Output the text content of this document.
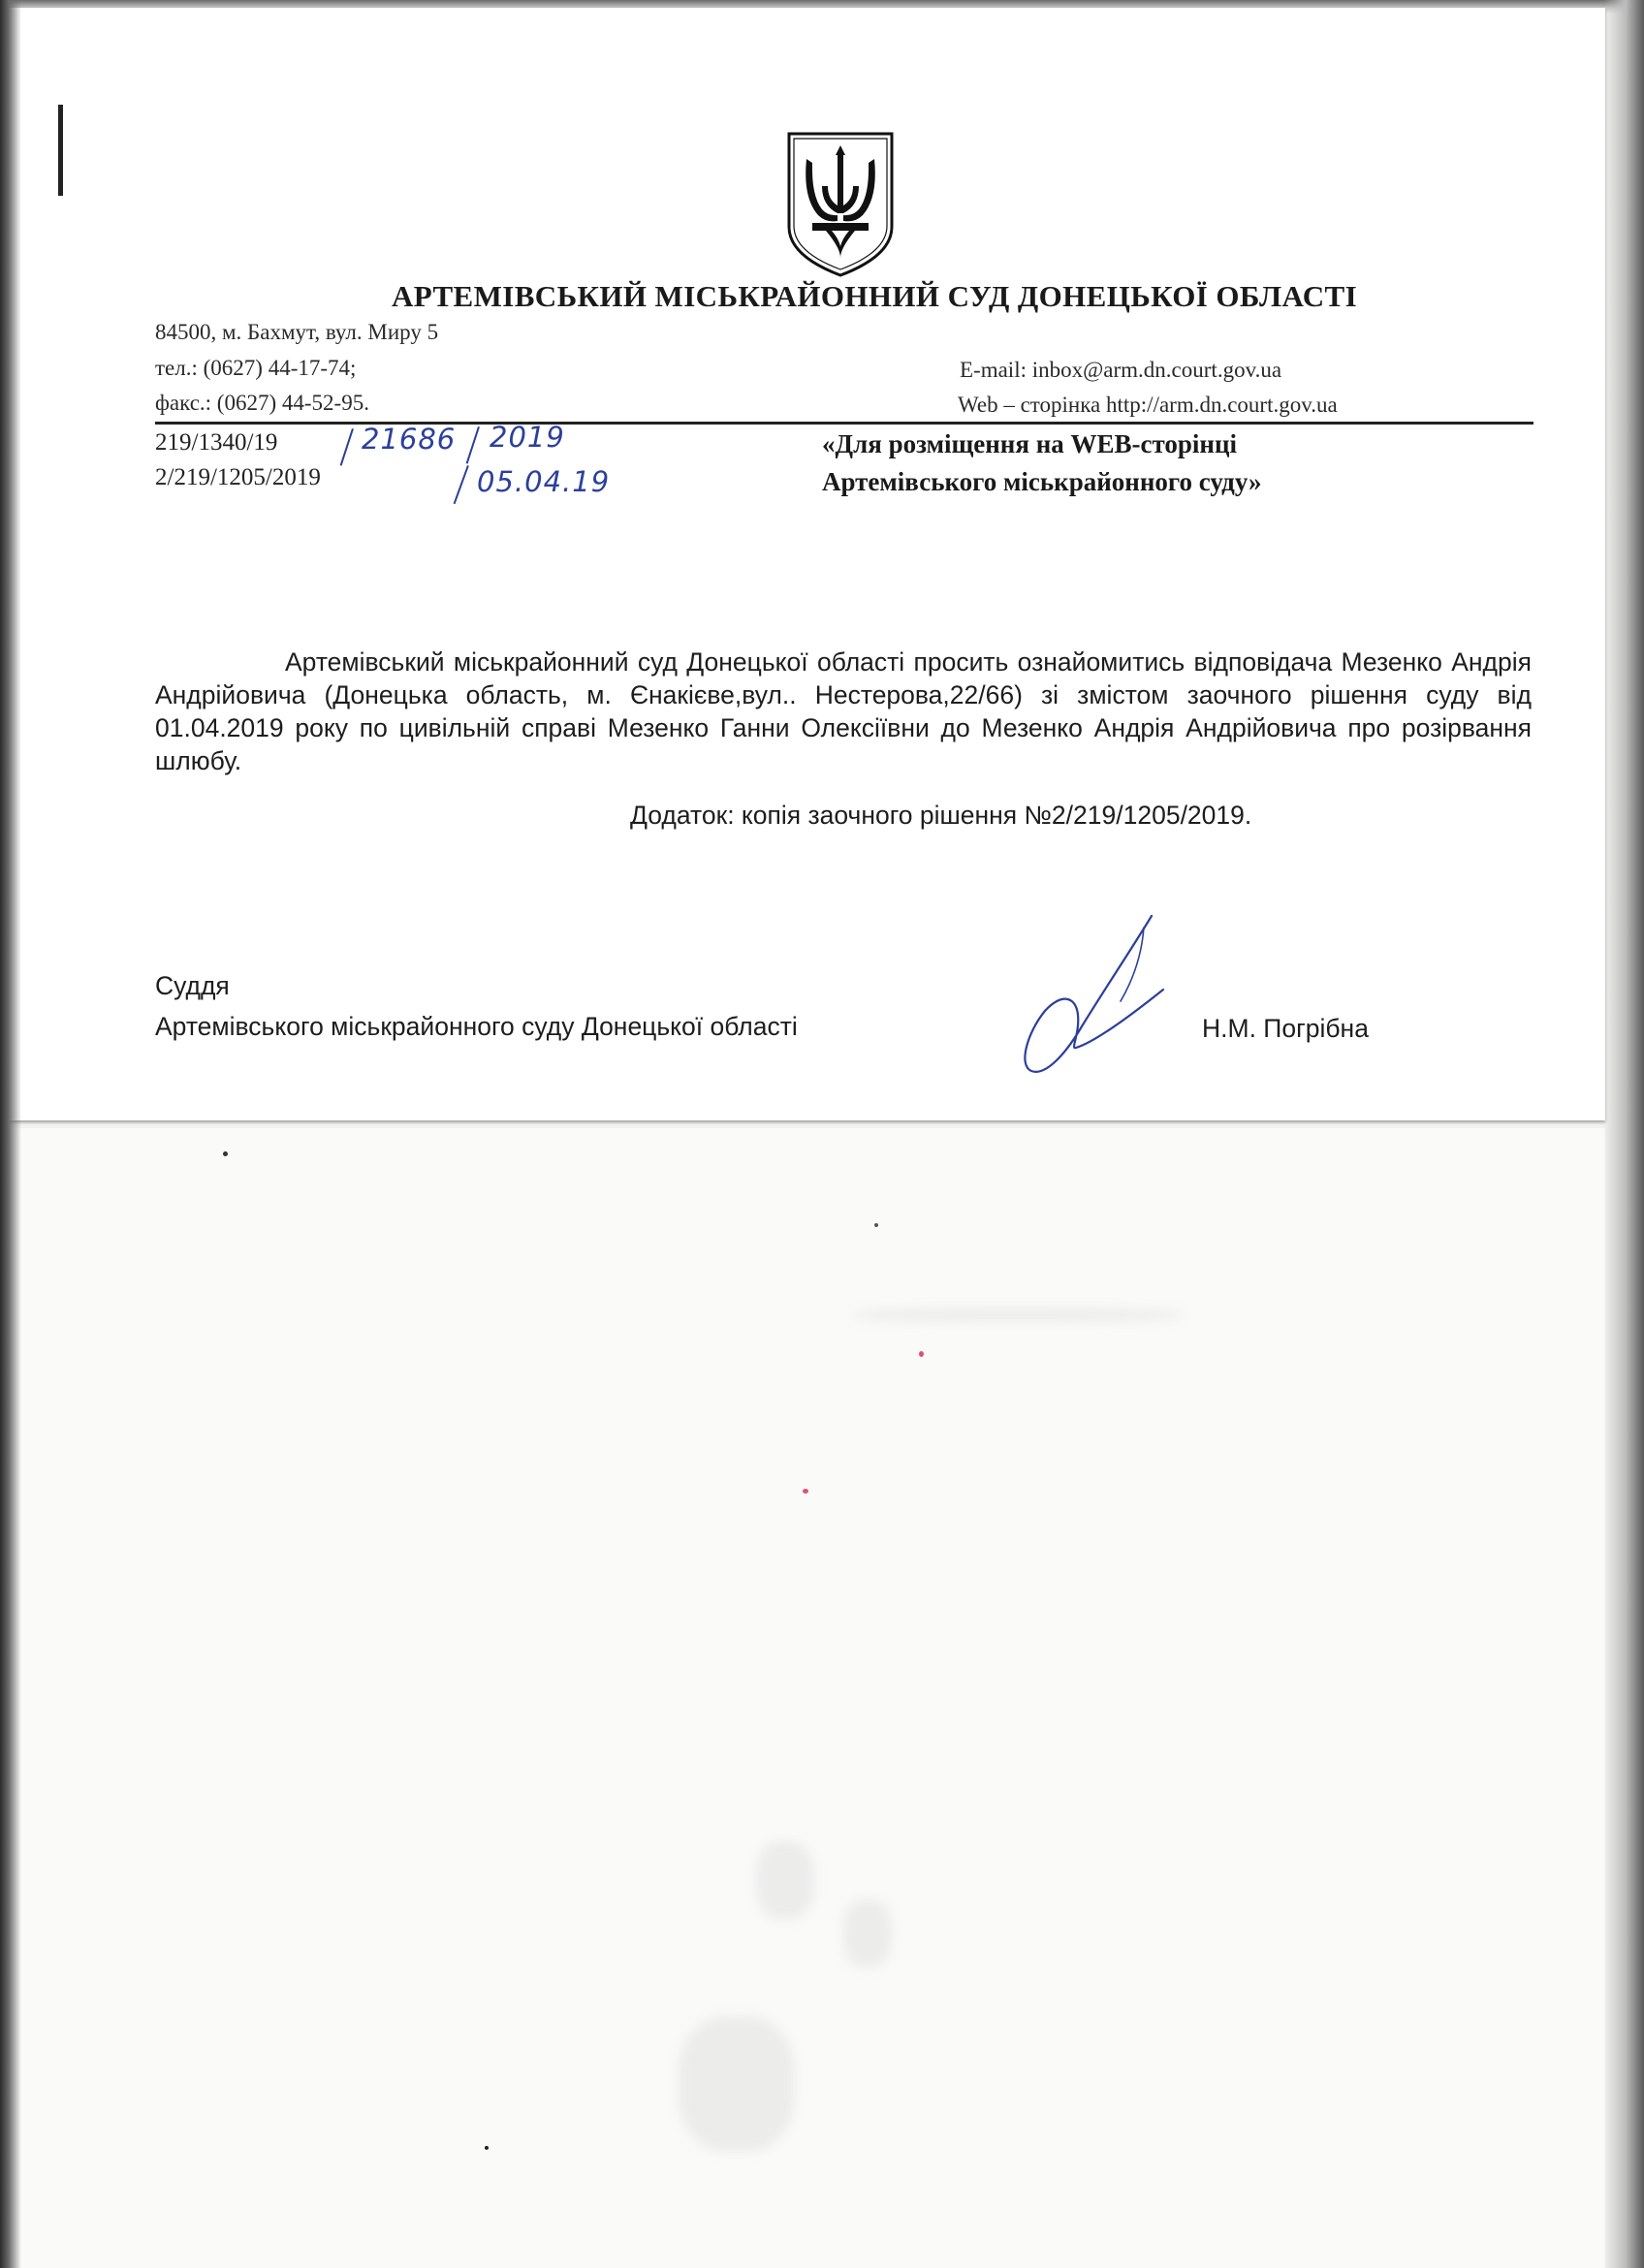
АРТЕМІВСЬКИЙ МІСЬКРАЙОННИЙ СУД ДОНЕЦЬКОЇ ОБЛАСТІ
84500, м. Бахмут, вул. Миру 5
тел.: (0627) 44-17-74;
факс.: (0627) 44-52-95.
E-mail: inbox@arm.dn.court.gov.ua
Web – сторінка http://arm.dn.court.gov.ua
219/1340/19
2/219/1205/2019
21686 2019
05.04.19
«Для розміщення на WEB-сторінці
Артемівського міськрайонного суду»
Артемівський міськрайонний суд Донецької області просить ознайомитись відповідача Мезенко Андрія Андрійовича (Донецька область, м. Єнакієве,вул.. Нестерова,22/66) зі змістом заочного рішення суду від 01.04.2019 року по цивільній справі Мезенко Ганни Олексіївни до Мезенко Андрія Андрійовича про розірвання шлюбу.
Додаток: копія заочного рішення №2/219/1205/2019.
Суддя
Артемівського міськрайонного суду Донецької області	Н.М. Погрібна
